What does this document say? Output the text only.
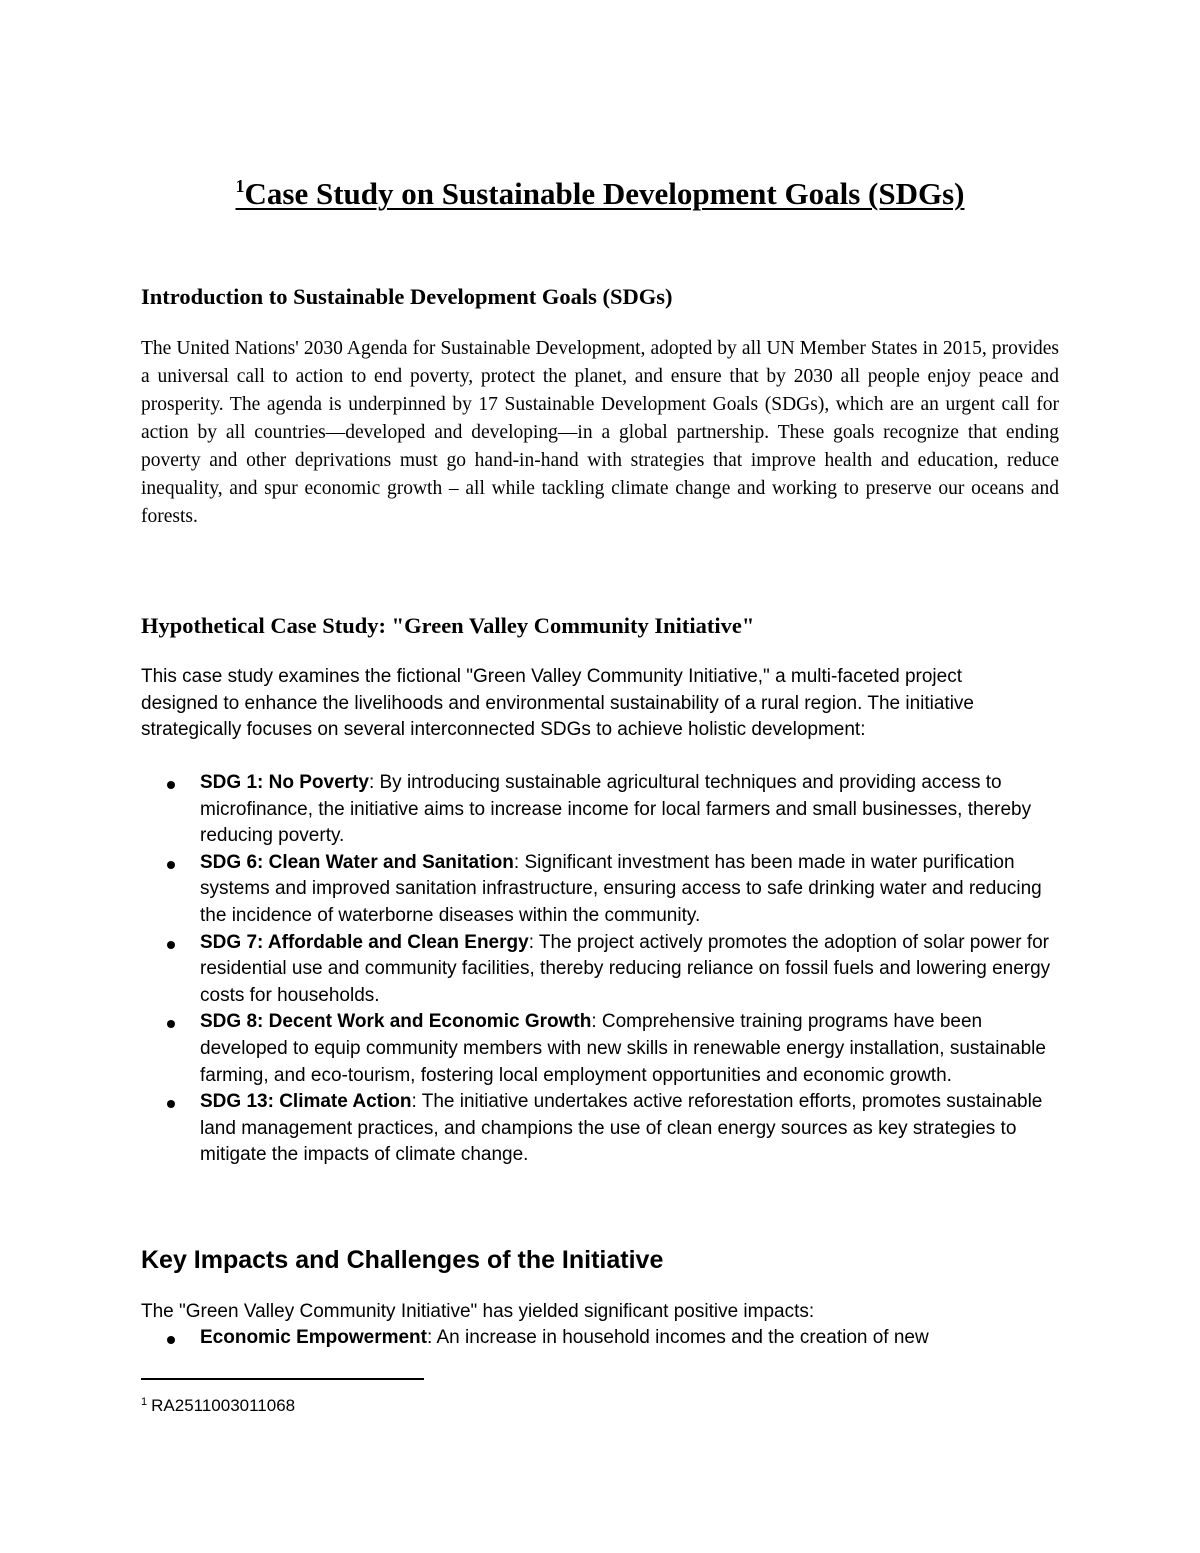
$^1$Case Study on Sustainable Development Goals (SDGs)
Introduction to Sustainable Development Goals (SDGs)

The United Nations' 2030 Agenda for Sustainable Development, adopted by all UN Member States in 2015, provides a universal call to action to end poverty, protect the planet, and ensure that by 2030 all people enjoy peace and prosperity. The agenda is underpinned by 17 Sustainable Development Goals (SDGs), which are an urgent call for action by all countries—developed and developing—in a global partnership. These goals recognize that ending poverty and other deprivations must go hand-in-hand with strategies that improve health and education, reduce inequality, and spur economic growth – all while tackling climate change and working to preserve our oceans and forests.

Hypothetical Case Study: "Green Valley Community Initiative"

This case study examines the fictional "Green Valley Community Initiative," a multi-faceted project designed to enhance the livelihoods and environmental sustainability of a rural region. The initiative strategically focuses on several interconnected SDGs to achieve holistic development:

SDG 1: No Poverty: By introducing sustainable agricultural techniques and providing access to microfinance, the initiative aims to increase income for local farmers and small businesses, thereby reducing poverty.
SDG 6: Clean Water and Sanitation: Significant investment has been made in water purification systems and improved sanitation infrastructure, ensuring access to safe drinking water and reducing the incidence of waterborne diseases within the community.
SDG 7: Affordable and Clean Energy: The project actively promotes the adoption of solar power for residential use and community facilities, thereby reducing reliance on fossil fuels and lowering energy costs for households.
SDG 8: Decent Work and Economic Growth: Comprehensive training programs have been developed to equip community members with new skills in renewable energy installation, sustainable farming, and eco-tourism, fostering local employment opportunities and economic growth.
SDG 13: Climate Action: The initiative undertakes active reforestation efforts, promotes sustainable land management practices, and champions the use of clean energy sources as key strategies to mitigate the impacts of climate change.
Key Impacts and Challenges of the Initiative

The "Green Valley Community Initiative" has yielded significant positive impacts:

Economic Empowerment: An increase in household incomes and the creation of new

$^1$ RA2511003011068
